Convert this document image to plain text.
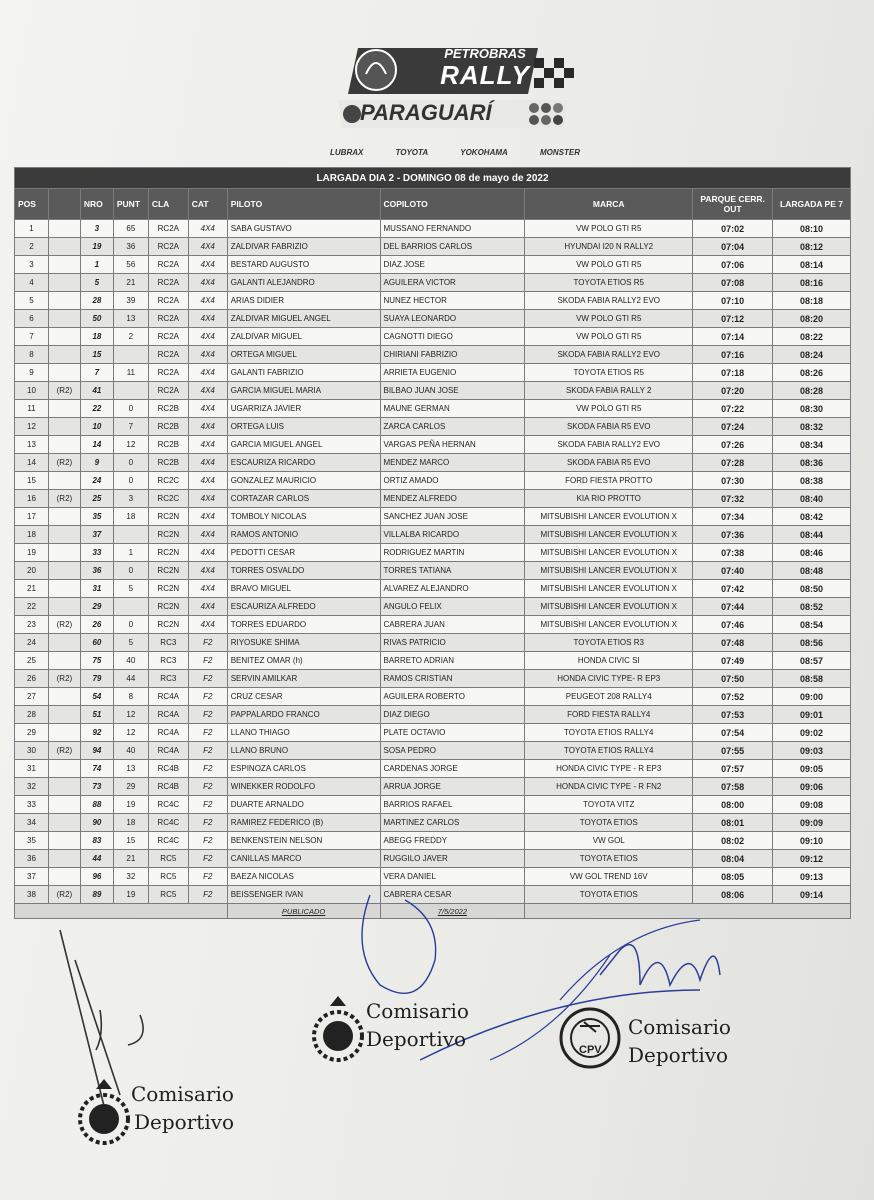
PETROBRAS
RALLY
PARAGUARÍ
LUBRAX	TOYOTA	YOKOHAMA	MONSTER
LARGADA DIA 2 - DOMINGO 08 de mayo de 2022										
POS		NRO	PUNT	CLA	CAT	PILOTO	COPILOTO	MARCA	PARQUE CERR. OUT	LARGADA PE 7
1		3	65	RC2A	4X4	SABA GUSTAVO	MUSSANO FERNANDO	VW POLO GTI R5	07:02	08:10
2		19	36	RC2A	4X4	ZALDIVAR FABRIZIO	DEL BARRIOS CARLOS	HYUNDAI I20 N RALLY2	07:04	08:12
3		1	56	RC2A	4X4	BESTARD AUGUSTO	DIAZ JOSE	VW POLO GTI R5	07:06	08:14
4		5	21	RC2A	4X4	GALANTI ALEJANDRO	AGUILERA VICTOR	TOYOTA ETIOS R5	07:08	08:16
5		28	39	RC2A	4X4	ARIAS DIDIER	NUNEZ HECTOR	SKODA FABIA RALLY2 EVO	07:10	08:18
6		50	13	RC2A	4X4	ZALDIVAR MIGUEL ANGEL	SUAYA LEONARDO	VW POLO GTI R5	07:12	08:20
7		18	2	RC2A	4X4	ZALDIVAR MIGUEL	CAGNOTTI DIEGO	VW POLO GTI R5	07:14	08:22
8		15		RC2A	4X4	ORTEGA MIGUEL	CHIRIANI FABRIZIO	SKODA FABIA RALLY2 EVO	07:16	08:24
9		7	11	RC2A	4X4	GALANTI FABRIZIO	ARRIETA EUGENIO	TOYOTA ETIOS R5	07:18	08:26
10	(R2)	41		RC2A	4X4	GARCIA MIGUEL MARIA	BILBAO JUAN JOSE	SKODA FABIA RALLY 2	07:20	08:28
11		22	0	RC2B	4X4	UGARRIZA JAVIER	MAUNE GERMAN	VW POLO GTI R5	07:22	08:30
12		10	7	RC2B	4X4	ORTEGA LUIS	ZARCA CARLOS	SKODA FABIA R5 EVO	07:24	08:32
13		14	12	RC2B	4X4	GARCIA MIGUEL ANGEL	VARGAS PEÑA HERNAN	SKODA FABIA RALLY2 EVO	07:26	08:34
14	(R2)	9	0	RC2B	4X4	ESCAURIZA RICARDO	MENDEZ MARCO	SKODA FABIA R5 EVO	07:28	08:36
15		24	0	RC2C	4X4	GONZALEZ MAURICIO	ORTIZ AMADO	FORD FIESTA PROTTO	07:30	08:38
16	(R2)	25	3	RC2C	4X4	CORTAZAR CARLOS	MENDEZ ALFREDO	KIA RIO PROTTO	07:32	08:40
17		35	18	RC2N	4X4	TOMBOLY NICOLAS	SANCHEZ JUAN JOSE	MITSUBISHI LANCER EVOLUTION X	07:34	08:42
18		37		RC2N	4X4	RAMOS ANTONIO	VILLALBA RICARDO	MITSUBISHI LANCER EVOLUTION X	07:36	08:44
19		33	1	RC2N	4X4	PEDOTTI CESAR	RODRIGUEZ MARTIN	MITSUBISHI LANCER EVOLUTION X	07:38	08:46
20		36	0	RC2N	4X4	TORRES OSVALDO	TORRES TATIANA	MITSUBISHI LANCER EVOLUTION X	07:40	08:48
21		31	5	RC2N	4X4	BRAVO MIGUEL	ALVAREZ ALEJANDRO	MITSUBISHI LANCER EVOLUTION X	07:42	08:50
22		29		RC2N	4X4	ESCAURIZA ALFREDO	ANGULO FELIX	MITSUBISHI LANCER EVOLUTION X	07:44	08:52
23	(R2)	26	0	RC2N	4X4	TORRES EDUARDO	CABRERA JUAN	MITSUBISHI LANCER EVOLUTION X	07:46	08:54
24		60	5	RC3	F2	RIYOSUKE SHIMA	RIVAS PATRICIO	TOYOTA ETIOS R3	07:48	08:56
25		75	40	RC3	F2	BENITEZ OMAR (h)	BARRETO ADRIAN	HONDA CIVIC SI	07:49	08:57
26	(R2)	79	44	RC3	F2	SERVIN AMILKAR	RAMOS CRISTIAN	HONDA CIVIC TYPE- R EP3	07:50	08:58
27		54	8	RC4A	F2	CRUZ CESAR	AGUILERA ROBERTO	PEUGEOT 208 RALLY4	07:52	09:00
28		51	12	RC4A	F2	PAPPALARDO FRANCO	DIAZ DIEGO	FORD FIESTA RALLY4	07:53	09:01
29		92	12	RC4A	F2	LLANO THIAGO	PLATE OCTAVIO	TOYOTA ETIOS RALLY4	07:54	09:02
30	(R2)	94	40	RC4A	F2	LLANO BRUNO	SOSA PEDRO	TOYOTA ETIOS RALLY4	07:55	09:03
31		74	13	RC4B	F2	ESPINOZA CARLOS	CARDENAS JORGE	HONDA CIVIC TYPE - R EP3	07:57	09:05
32		73	29	RC4B	F2	WINEKKER RODOLFO	ARRUA JORGE	HONDA CIVIC TYPE - R FN2	07:58	09:06
33		88	19	RC4C	F2	DUARTE ARNALDO	BARRIOS RAFAEL	TOYOTA VITZ	08:00	09:08
34		90	18	RC4C	F2	RAMIREZ FEDERICO (B)	MARTINEZ CARLOS	TOYOTA ETIOS	08:01	09:09
35		83	15	RC4C	F2	BENKENSTEIN NELSON	ABEGG FREDDY	VW GOL	08:02	09:10
36		44	21	RC5	F2	CANILLAS MARCO	RUGGILO JAVER	TOYOTA ETIOS	08:04	09:12
37		96	32	RC5	F2	BAEZA NICOLAS	VERA DANIEL	VW GOL TREND 16V	08:05	09:13
38	(R2)	89	19	RC5	F2	BEISSENGER IVAN	CABRERA CESAR	TOYOTA ETIOS	08:06	09:14
						PUBLICADO	7/5/2022			
Comisario
Deportivo
Comisario
Deportivo	CPV
Comisario
Deportivo
